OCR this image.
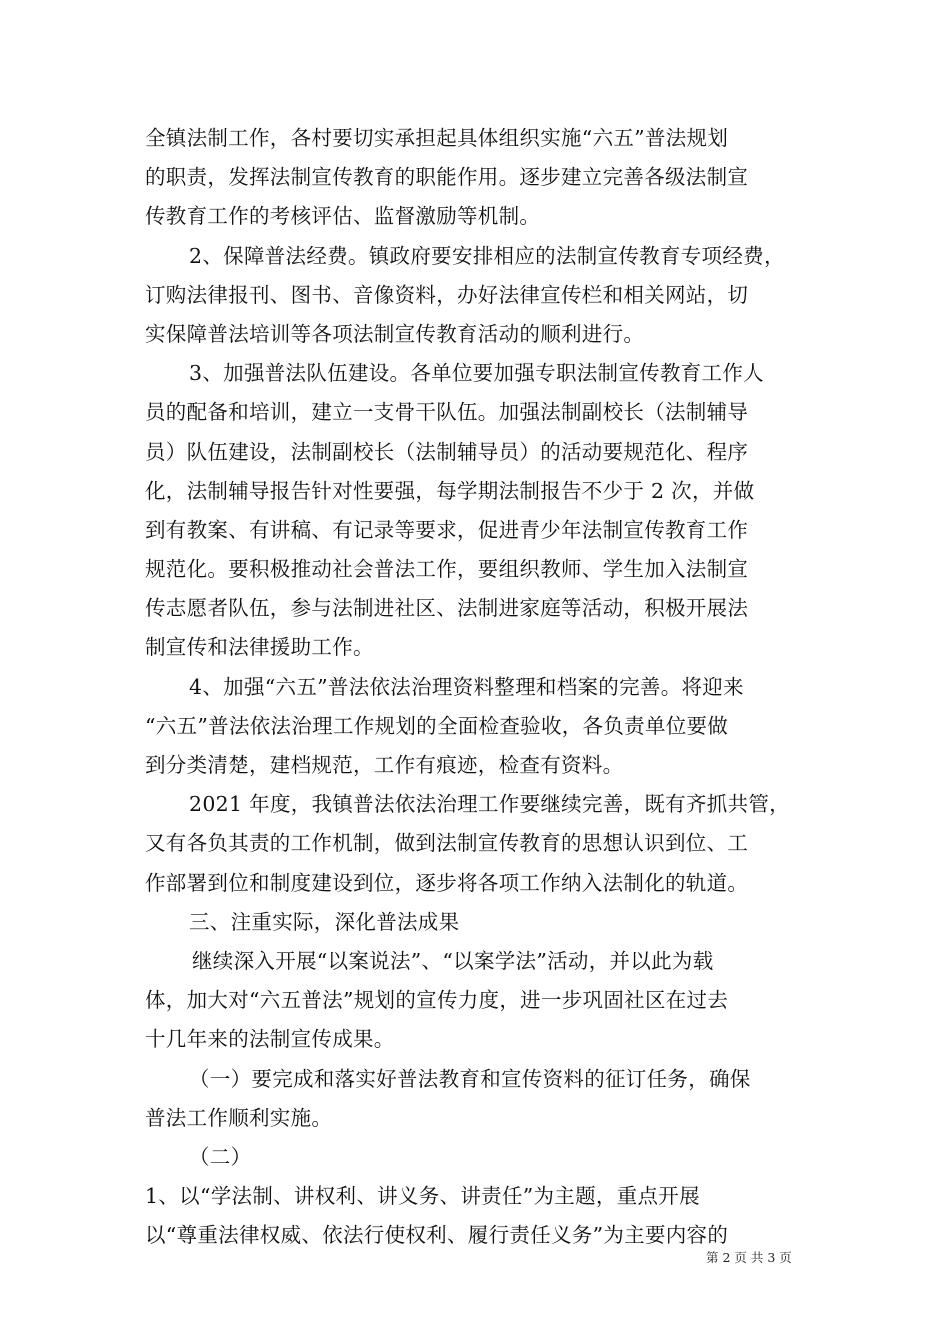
全镇法制工作，各村要切实承担起具体组织实施“六五”普法规划
的职责，发挥法制宣传教育的职能作用。逐步建立完善各级法制宣
传教育工作的考核评估、监督激励等机制。
2、保障普法经费。镇政府要安排相应的法制宣传教育专项经费，
订购法律报刊、图书、音像资料，办好法律宣传栏和相关网站，切
实保障普法培训等各项法制宣传教育活动的顺利进行。
3、加强普法队伍建设。各单位要加强专职法制宣传教育工作人
员的配备和培训，建立一支骨干队伍。加强法制副校长（法制辅导
员）队伍建设，法制副校长（法制辅导员）的活动要规范化、程序
化，法制辅导报告针对性要强，每学期法制报告不少于 2 次，并做
到有教案、有讲稿、有记录等要求，促进青少年法制宣传教育工作
规范化。要积极推动社会普法工作，要组织教师、学生加入法制宣
传志愿者队伍，参与法制进社区、法制进家庭等活动，积极开展法
制宣传和法律援助工作。
4、加强“六五”普法依法治理资料整理和档案的完善。将迎来
“六五”普法依法治理工作规划的全面检查验收，各负责单位要做
到分类清楚，建档规范，工作有痕迹，检查有资料。
2021 年度，我镇普法依法治理工作要继续完善，既有齐抓共管，
又有各负其责的工作机制，做到法制宣传教育的思想认识到位、工
作部署到位和制度建设到位，逐步将各项工作纳入法制化的轨道。
三、注重实际，深化普法成果
继续深入开展“以案说法”、“以案学法”活动，并以此为载
体，加大对“六五普法”规划的宣传力度，进一步巩固社区在过去
十几年来的法制宣传成果。
（一）要完成和落实好普法教育和宣传资料的征订任务，确保
普法工作顺利实施。
（二）
1、以“学法制、讲权利、讲义务、讲责任”为主题，重点开展
以“尊重法律权威、依法行使权利、履行责任义务”为主要内容的
第 2 页 共 3 页
